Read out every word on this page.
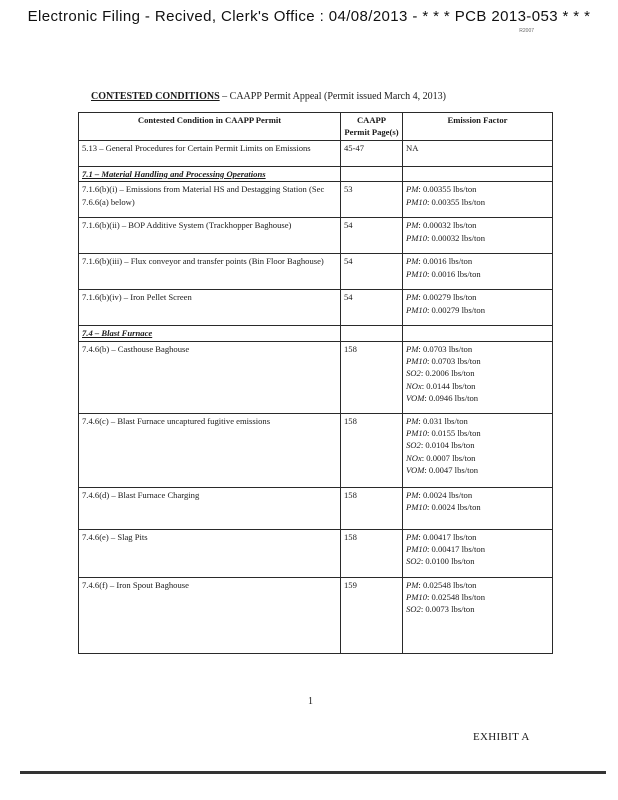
Electronic Filing - Recived, Clerk's Office : 04/08/2013 - * * * PCB 2013-053 * * *
R2007
CONTESTED CONDITIONS – CAAPP Permit Appeal (Permit issued March 4, 2013)
Contested Condition in CAAPP Permit	CAAPP Permit Page(s)	Emission Factor
5.13 – General Procedures for Certain Permit Limits on Emissions	45-47	NA

7.1 – Material Handling and Processing Operations		
7.1.6(b)(i) – Emissions from Material HS and Destagging Station (Sec 7.6.6(a) below)	53	PM: 0.00355 lbs/ton
PM10: 0.00355 lbs/ton

7.1.6(b)(ii) – BOP Additive System (Trackhopper Baghouse)	54	PM: 0.00032 lbs/ton
PM10: 0.00032 lbs/ton

7.1.6(b)(iii) – Flux conveyor and transfer points (Bin Floor Baghouse)	54	PM: 0.0016 lbs/ton
PM10: 0.0016 lbs/ton

7.1.6(b)(iv) – Iron Pellet Screen	54	PM: 0.00279 lbs/ton
PM10: 0.00279 lbs/ton

7.4 – Blast Furnace		
7.4.6(b) – Casthouse Baghouse	158	PM: 0.0703 lbs/ton
PM10: 0.0703 lbs/ton
SO2: 0.2006 lbs/ton
NOx: 0.0144 lbs/ton
VOM: 0.0946 lbs/ton

7.4.6(c) – Blast Furnace uncaptured fugitive emissions	158	PM: 0.031 lbs/ton
PM10: 0.0155 lbs/ton
SO2: 0.0104 lbs/ton
NOx: 0.0007 lbs/ton
VOM: 0.0047 lbs/ton

7.4.6(d) – Blast Furnace Charging	158	PM: 0.0024 lbs/ton
PM10: 0.0024 lbs/ton

7.4.6(e) – Slag Pits	158	PM: 0.00417 lbs/ton
PM10: 0.00417 lbs/ton
SO2: 0.0100 lbs/ton

7.4.6(f) – Iron Spout Baghouse	159	PM: 0.02548 lbs/ton
PM10: 0.02548 lbs/ton
SO2: 0.0073 lbs/ton
1
EXHIBIT A
